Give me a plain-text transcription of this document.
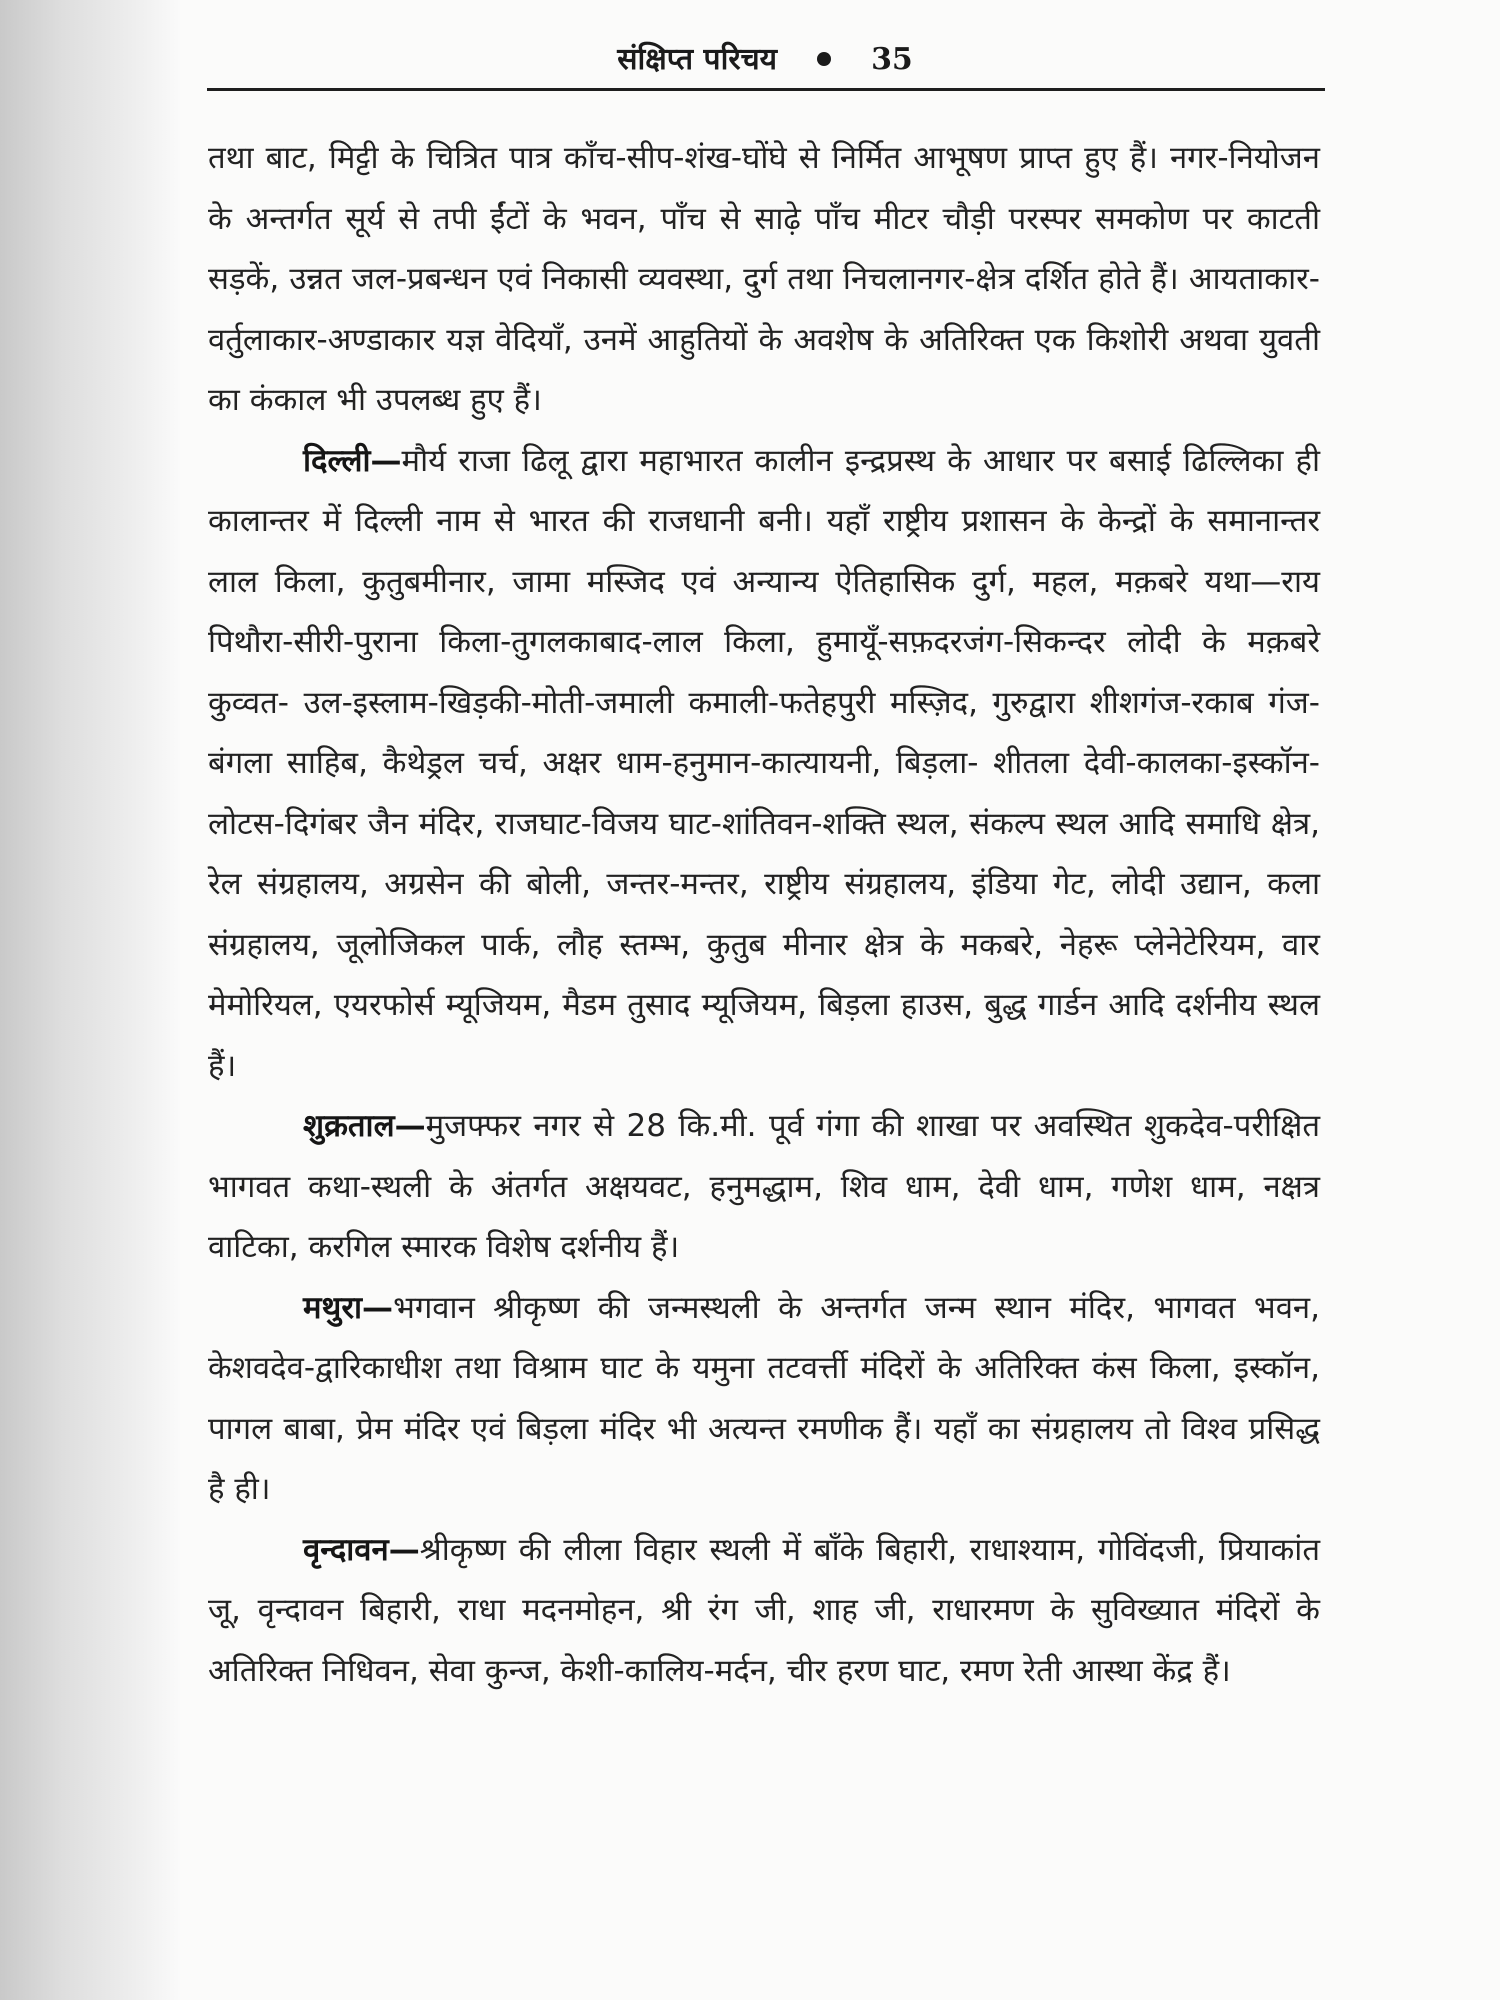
संक्षिप्त परिचय	35

तथा बाट, मिट्टी के चित्रित पात्र काँच-सीप-शंख-घोंघे से निर्मित आभूषण प्राप्त हुए हैं। नगर-नियोजन के अन्तर्गत सूर्य से तपी ईंटों के भवन, पाँच से साढ़े पाँच मीटर चौड़ी परस्पर समकोण पर काटती सड़कें, उन्नत जल-प्रबन्धन एवं निकासी व्यवस्था, दुर्ग तथा निचलानगर-क्षेत्र दर्शित होते हैं। आयताकार-वर्तुलाकार-अण्डाकार यज्ञ वेदियाँ, उनमें आहुतियों के अवशेष के अतिरिक्त एक किशोरी अथवा युवती का कंकाल भी उपलब्ध हुए हैं।

दिल्ली—मौर्य राजा ढिलू द्वारा महाभारत कालीन इन्द्रप्रस्थ के आधार पर बसाई ढिल्लिका ही कालान्तर में दिल्ली नाम से भारत की राजधानी बनी। यहाँ राष्ट्रीय प्रशासन के केन्द्रों के समानान्तर लाल किला, कुतुबमीनार, जामा मस्जिद एवं अन्यान्य ऐतिहासिक दुर्ग, महल, मक़बरे यथा—राय पिथौरा-सीरी-पुराना किला-तुगलकाबाद-लाल किला, हुमायूँ-सफ़दरजंग-सिकन्दर लोदी के मक़बरे कुव्वत- उल-इस्लाम-खिड़की-मोती-जमाली कमाली-फतेहपुरी मस्ज़िद, गुरुद्वारा शीशगंज-रकाब गंज-बंगला साहिब, कैथेड्रल चर्च, अक्षर धाम-हनुमान-कात्यायनी, बिड़ला- शीतला देवी-कालका-इस्कॉन-लोटस-दिगंबर जैन मंदिर, राजघाट-विजय घाट-शांतिवन-शक्ति स्थल, संकल्प स्थल आदि समाधि क्षेत्र, रेल संग्रहालय, अग्रसेन की बोली, जन्तर-मन्तर, राष्ट्रीय संग्रहालय, इंडिया गेट, लोदी उद्यान, कला संग्रहालय, जूलोजिकल पार्क, लौह स्तम्भ, कुतुब मीनार क्षेत्र के मकबरे, नेहरू प्लेनेटेरियम, वार मेमोरियल, एयरफोर्स म्यूजियम, मैडम तुसाद म्यूजियम, बिड़ला हाउस, बुद्ध गार्डन आदि दर्शनीय स्थल हैं।

शुक्रताल—मुजफ्फर नगर से 28 कि.मी. पूर्व गंगा की शाखा पर अवस्थित शुकदेव-परीक्षित भागवत कथा-स्थली के अंतर्गत अक्षयवट, हनुमद्धाम, शिव धाम, देवी धाम, गणेश धाम, नक्षत्र वाटिका, करगिल स्मारक विशेष दर्शनीय हैं।

मथुरा—भगवान श्रीकृष्ण की जन्मस्थली के अन्तर्गत जन्म स्थान मंदिर, भागवत भवन, केशवदेव-द्वारिकाधीश तथा विश्राम घाट के यमुना तटवर्त्ती मंदिरों के अतिरिक्त कंस किला, इस्कॉन, पागल बाबा, प्रेम मंदिर एवं बिड़ला मंदिर भी अत्यन्त रमणीक हैं। यहाँ का संग्रहालय तो विश्व प्रसिद्ध है ही।

वृन्दावन—श्रीकृष्ण की लीला विहार स्थली में बाँके बिहारी, राधाश्याम, गोविंदजी, प्रियाकांत जू, वृन्दावन बिहारी, राधा मदनमोहन, श्री रंग जी, शाह जी, राधारमण के सुविख्यात मंदिरों के अतिरिक्त निधिवन, सेवा कुन्ज, केशी-कालिय-मर्दन, चीर हरण घाट, रमण रेती आस्था केंद्र हैं।
